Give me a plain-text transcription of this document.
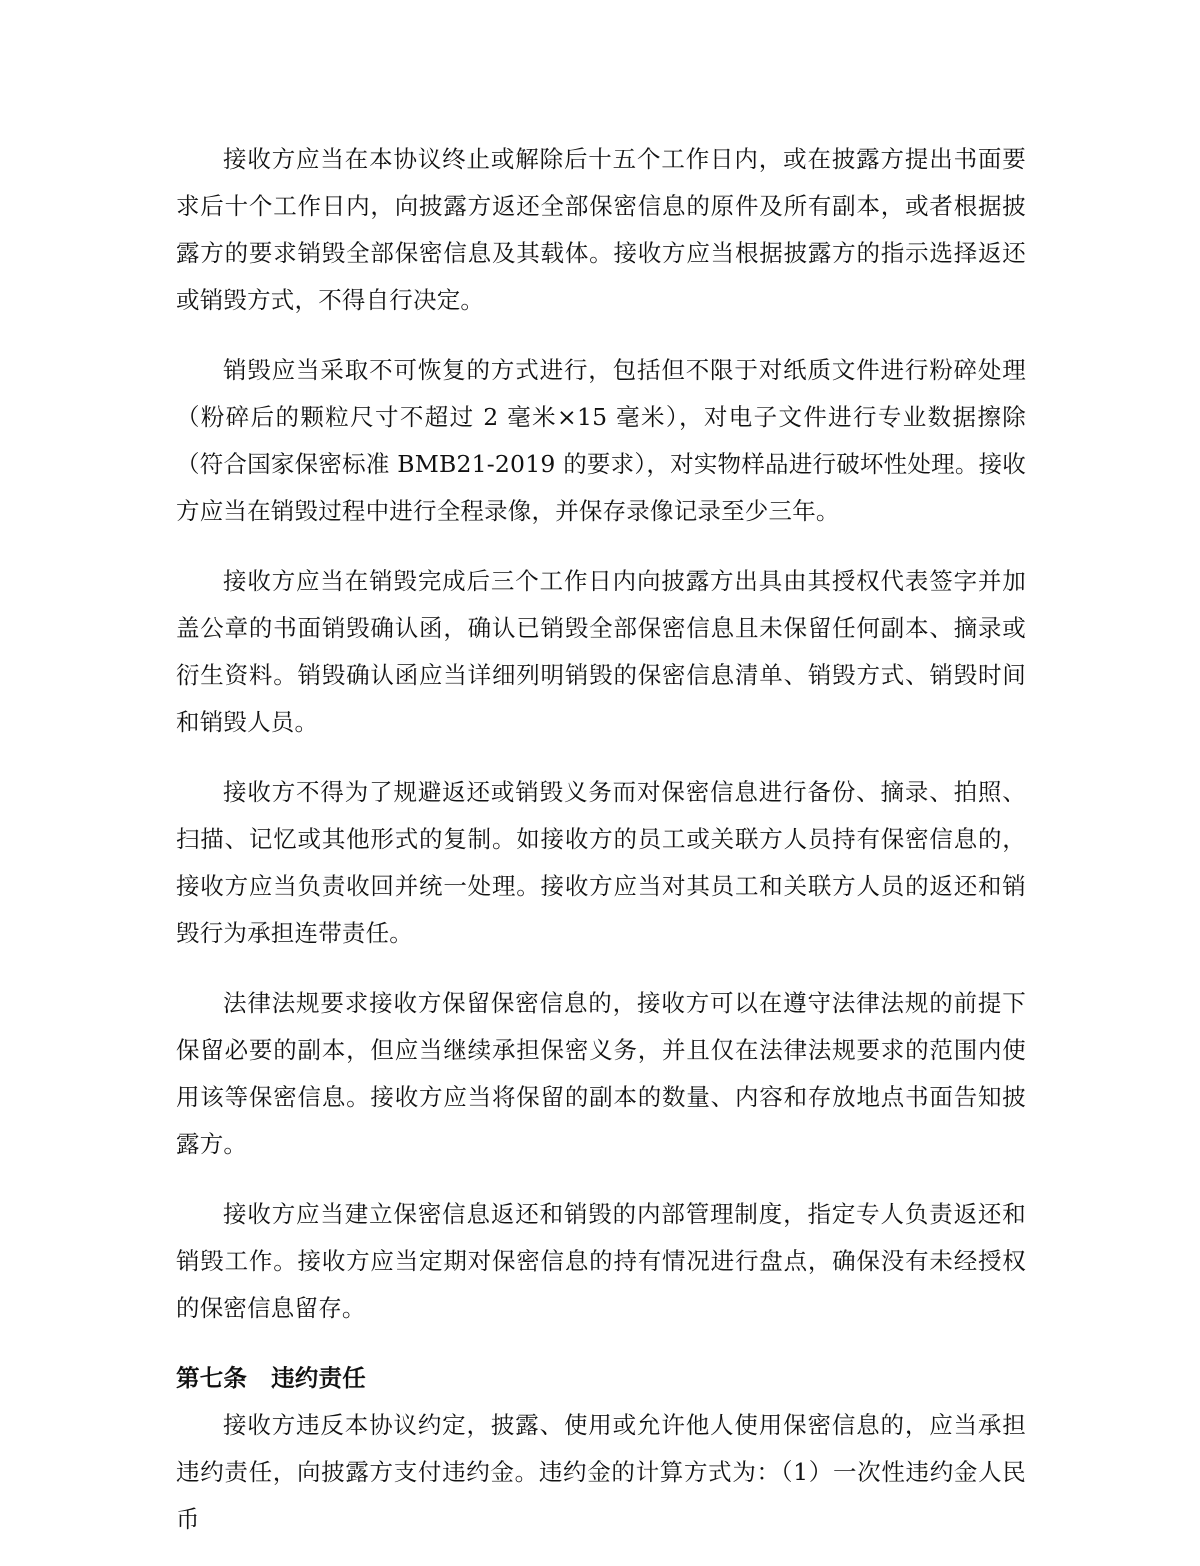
接收方应当在本协议终止或解除后十五个工作日内，或在披露方提出书面要求后十个工作日内，向披露方返还全部保密信息的原件及所有副本，或者根据披露方的要求销毁全部保密信息及其载体。接收方应当根据披露方的指示选择返还或销毁方式，不得自行决定。

销毁应当采取不可恢复的方式进行，包括但不限于对纸质文件进行粉碎处理（粉碎后的颗粒尺寸不超过 2 毫米×15 毫米），对电子文件进行专业数据擦除（符合国家保密标准 BMB21-2019 的要求），对实物样品进行破坏性处理。接收方应当在销毁过程中进行全程录像，并保存录像记录至少三年。

接收方应当在销毁完成后三个工作日内向披露方出具由其授权代表签字并加盖公章的书面销毁确认函，确认已销毁全部保密信息且未保留任何副本、摘录或衍生资料。销毁确认函应当详细列明销毁的保密信息清单、销毁方式、销毁时间和销毁人员。

接收方不得为了规避返还或销毁义务而对保密信息进行备份、摘录、拍照、扫描、记忆或其他形式的复制。如接收方的员工或关联方人员持有保密信息的，接收方应当负责收回并统一处理。接收方应当对其员工和关联方人员的返还和销毁行为承担连带责任。

法律法规要求接收方保留保密信息的，接收方可以在遵守法律法规的前提下保留必要的副本，但应当继续承担保密义务，并且仅在法律法规要求的范围内使用该等保密信息。接收方应当将保留的副本的数量、内容和存放地点书面告知披露方。

接收方应当建立保密信息返还和销毁的内部管理制度，指定专人负责返还和销毁工作。接收方应当定期对保密信息的持有情况进行盘点，确保没有未经授权的保密信息留存。

第七条 违约责任

接收方违反本协议约定，披露、使用或允许他人使用保密信息的，应当承担违约责任，向披露方支付违约金。违约金的计算方式为：（1）一次性违约金人民币
